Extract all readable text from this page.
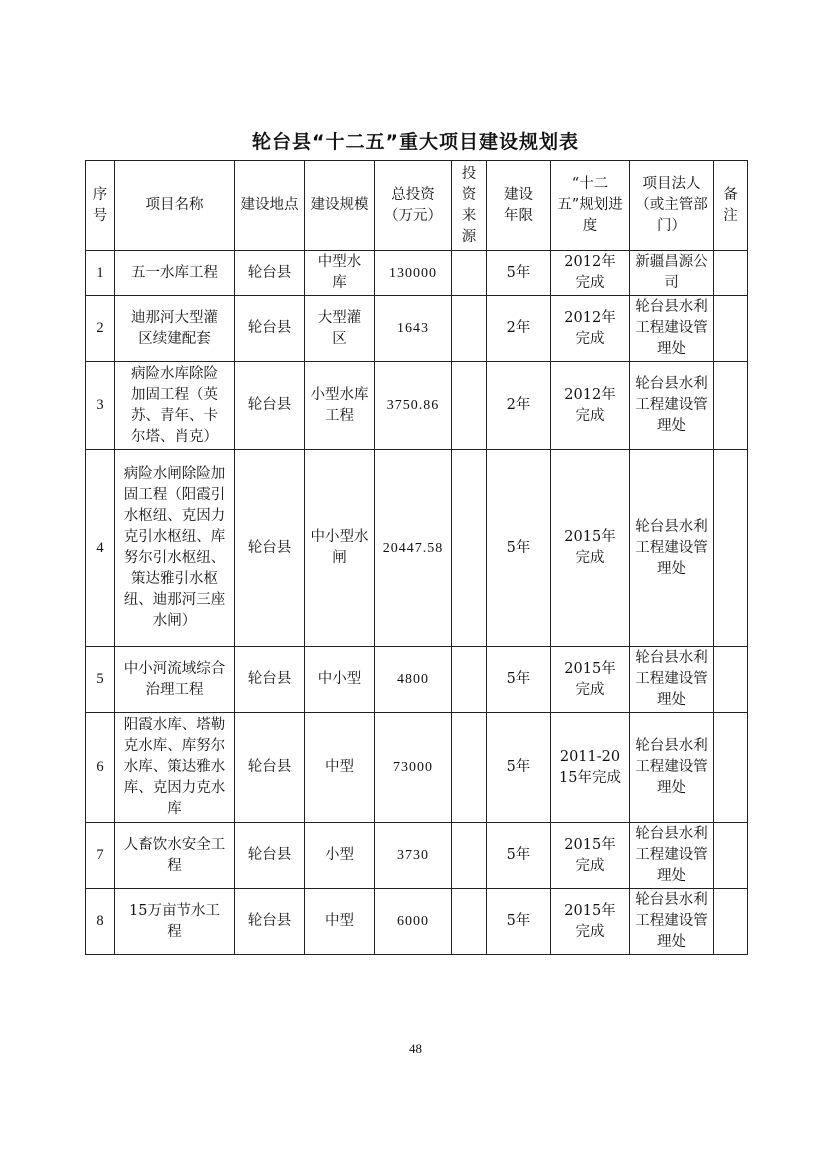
轮台县“十二五”重大项目建设规划表
序号	项目名称	建设地点	建设规模	总投资（万元）	投资来源	建设年限	“十二五”规划进度	项目法人（或主管部门）	备注

1	五一水库工程	轮台县	中型水库	130000		5年	2012年完成	新疆昌源公司	

2	迪那河大型灌区续建配套	轮台县	大型灌区	1643		2年	2012年完成	轮台县水利工程建设管理处	

3	病险水库除险加固工程（英苏、青年、卡尔塔、肖克）	轮台县	小型水库工程	3750.86		2年	2012年完成	轮台县水利工程建设管理处	

4	病险水闸除险加固工程（阳霞引水枢纽、克因力克引水枢纽、库努尔引水枢纽、策达雅引水枢纽、迪那河三座水闸）	轮台县	中小型水闸	20447.58		5年	2015年完成	轮台县水利工程建设管理处	

5	中小河流域综合治理工程	轮台县	中小型	4800		5年	2015年完成	轮台县水利工程建设管理处	

6	阳霞水库、塔勒克水库、库努尔水库、策达雅水库、克因力克水库	轮台县	中型	73000		5年	2011-2015年完成	轮台县水利工程建设管理处	

7	人畜饮水安全工程	轮台县	小型	3730		5年	2015年完成	轮台县水利工程建设管理处	

8	15万亩节水工程	轮台县	中型	6000		5年	2015年完成	轮台县水利工程建设管理处	

48
